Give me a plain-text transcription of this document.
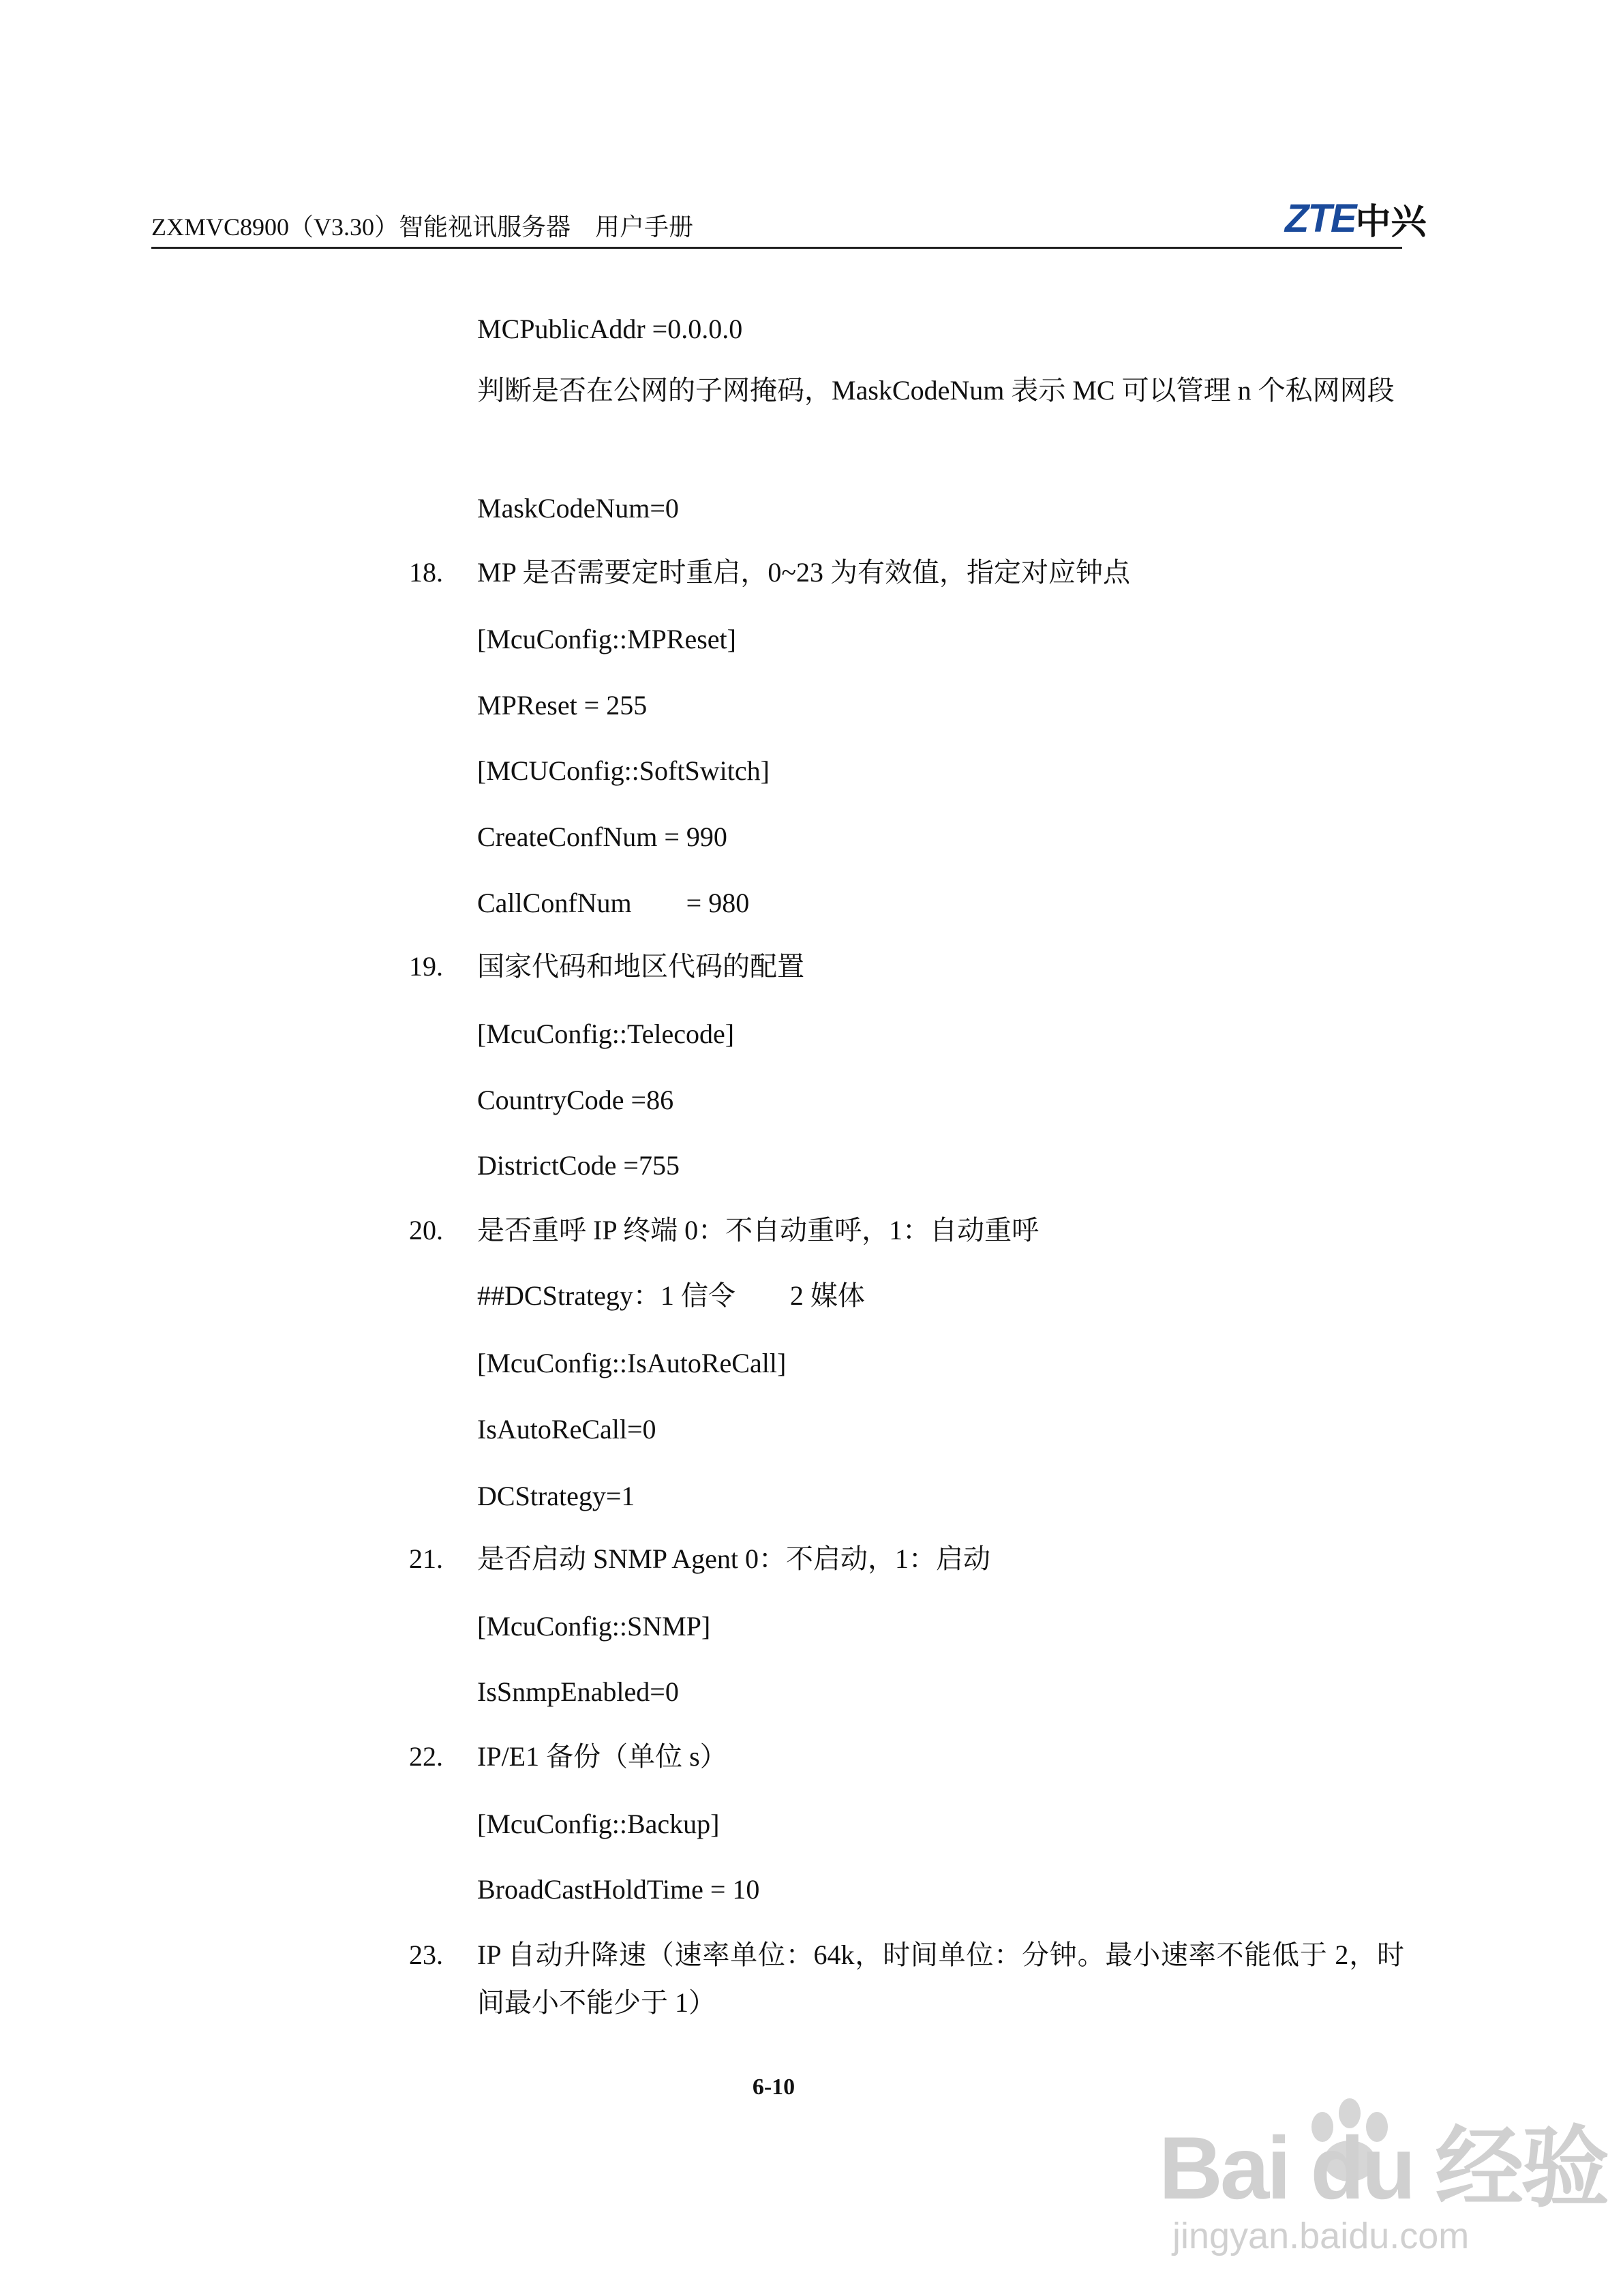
ZXMVC8900（V3.30）智能视讯服务器　用户手册	ZTE 中兴
MCPublicAddr =0.0.0.0
判断是否在公网的子网掩码，MaskCodeNum 表示 MC 可以管理 n 个私网网段
MaskCodeNum=0
18. MP 是否需要定时重启，0~23 为有效值，指定对应钟点
[McuConfig::MPReset]
MPReset = 255
[MCUConfig::SoftSwitch]
CreateConfNum = 990
CallConfNum　　= 980
19. 国家代码和地区代码的配置
[McuConfig::Telecode]
CountryCode =86
DistrictCode =755
20. 是否重呼 IP 终端 0：不自动重呼，1：自动重呼
##DCStrategy：1 信令　　2 媒体
[McuConfig::IsAutoReCall]
IsAutoReCall=0
DCStrategy=1
21. 是否启动 SNMP Agent 0：不启动，1：启动
[McuConfig::SNMP]
IsSnmpEnabled=0
22. IP/E1 备份（单位 s）
[McuConfig::Backup]
BroadCastHoldTime = 10
23. IP 自动升降速（速率单位：64k，时间单位：分钟。最小速率不能低于 2，时间最小不能少于 1）
6-10
Bai du 经验
jingyan.baidu.com
